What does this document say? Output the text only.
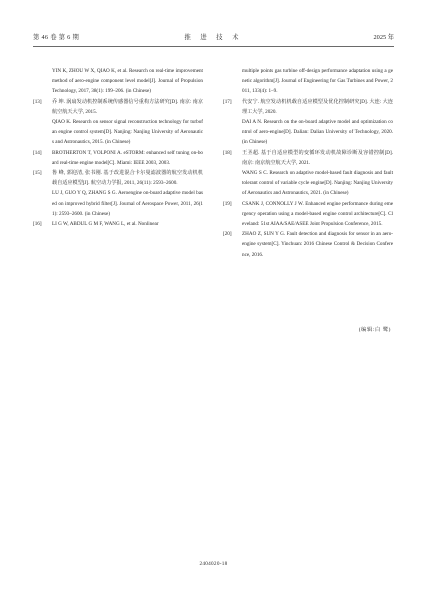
第 46 卷 第 6 期	推 进 技 术	2025 年

YIN K, ZHOU W X, QIAO K, et al. Research on real-time improvement method of aero-engine component level model[J]. Journal of Propulsion Technology, 2017, 38(1): 199–206. (in Chinese)

[13] 乔 坤. 涡扇发动机控制系统传感器信号重构方法研究[D]. 南京: 南京航空航天大学, 2015.

QIAO K. Research on sensor signal reconstruction technology for turbofan engine control system[D]. Nanjing: Nanjing University of Aeronautics and Astronautics, 2015. (in Chinese)

[14] BROTHERTON T, VOLPONI A. eSTORM: enhanced self tuning on-board real-time engine model[C]. Miami: IEEE 2003, 2003.

[15] 鲁 峰, 郭迎清, 张书刚. 基于改进混合卡尔曼滤波器的航空发动机机载自适应模型[J]. 航空动力学报, 2011, 26(11): 2593–2600.

LU J, GUO Y Q, ZHANG S G. Aeroengine on-board adaptive model based on improved hybrid filter[J]. Journal of Aerospace Power, 2011, 26(11): 2593–2600. (in Chinese)

[16] LI G W, ABDUL G M F, WANG L, et al. Nonlinear

multiple points gas turbine off-design performance adaptation using a genetic algorithm[J]. Journal of Engineering for Gas Turbines and Power, 2011, 133(4): 1–9.

[17] 代安宁. 航空发动机机载自适应模型及优化控制研究[D]. 大连: 大连理工大学, 2020.

DAI A N. Research on the on-board adaptive model and optimization control of aero-engine[D]. Dalian: Dalian University of Technology, 2020. (in Chinese)

[18] 王圣超. 基于自适应模型的变循环发动机故障诊断及容错控制[D]. 南京: 南京航空航天大学, 2021.

WANG S C. Research on adaptive model-based fault diagnosis and fault tolerant control of variable cycle engine[D]. Nanjing: Nanjing University of Aeronautics and Astronautics, 2021. (in Chinese)

[19] CSANK J, CONNOLLY J W. Enhanced engine performance during emergency operation using a model-based engine control architecture[C]. Cleveland: 51st AIAA/SAE/ASEE Joint Propulsion Conference, 2015.

[20] ZHAO Z, SUN Y G. Fault detection and diagnosis for sensor in an aero-engine system[C]. Yinchuan: 2016 Chinese Control & Decision Conference, 2016.

(编辑:白 鹭)
2404020-18
